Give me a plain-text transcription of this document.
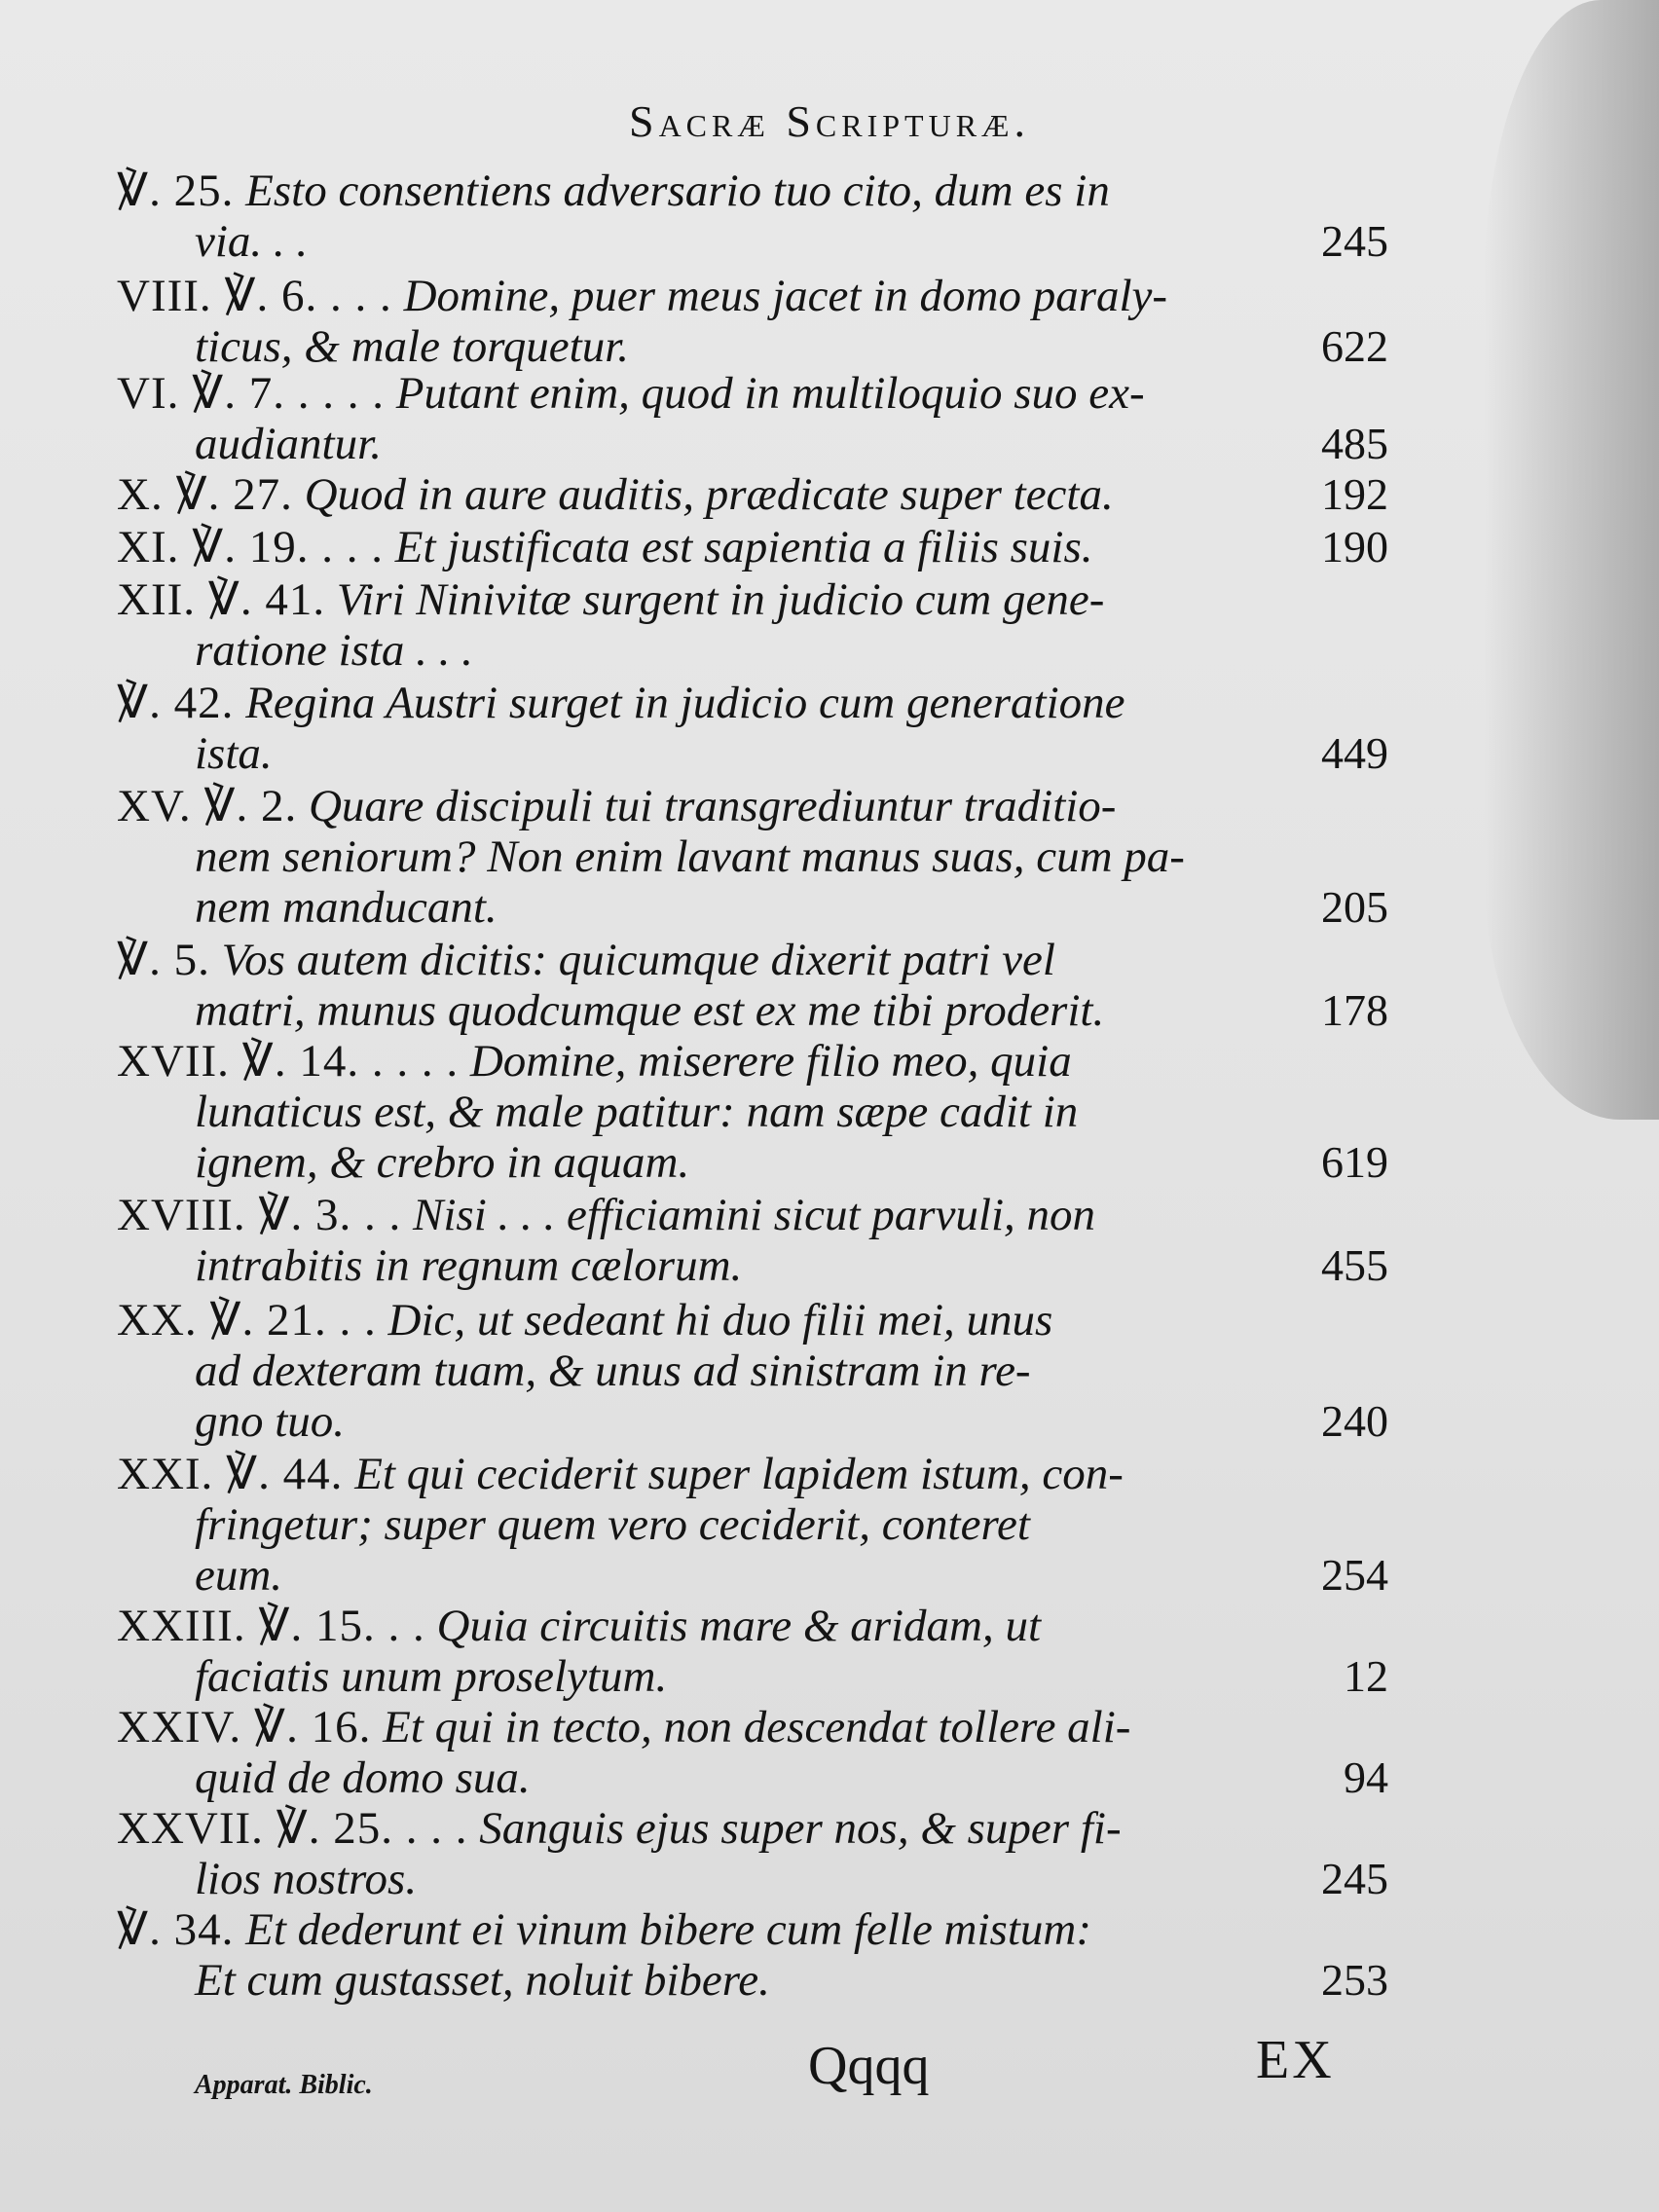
Sacræ Scripturæ.
℣. 25. Esto consentiens adversario tuo cito, dum es in
via. . .	245
VIII. ℣. 6. . . . Domine, puer meus jacet in domo paraly-
ticus, & male torquetur.	622
VI. ℣. 7. . . . . Putant enim, quod in multiloquio suo ex-
audiantur.	485
X. ℣. 27. Quod in aure auditis, prædicate super tecta.	192
XI. ℣. 19. . . . Et justificata est sapientia a filiis suis.	190
XII. ℣. 41. Viri Ninivitæ surgent in judicio cum gene-
ratione ista . . .
℣. 42. Regina Austri surget in judicio cum generatione
ista.	449
XV. ℣. 2. Quare discipuli tui transgrediuntur traditio-
nem seniorum? Non enim lavant manus suas, cum pa-
nem manducant.	205
℣. 5. Vos autem dicitis: quicumque dixerit patri vel
matri, munus quodcumque est ex me tibi proderit.	178
XVII. ℣. 14. . . . . Domine, miserere filio meo, quia
lunaticus est, & male patitur: nam sæpe cadit in
ignem, & crebro in aquam.	619
XVIII. ℣. 3. . . Nisi . . . efficiamini sicut parvuli, non
intrabitis in regnum cælorum.	455
XX. ℣. 21. . . Dic, ut sedeant hi duo filii mei, unus
ad dexteram tuam, & unus ad sinistram in re-
gno tuo.	240
XXI. ℣. 44. Et qui ceciderit super lapidem istum, con-
fringetur; super quem vero ceciderit, conteret
eum.	254
XXIII. ℣. 15. . . Quia circuitis mare & aridam, ut
faciatis unum proselytum.	12
XXIV. ℣. 16. Et qui in tecto, non descendat tollere ali-
quid de domo sua.	94
XXVII. ℣. 25. . . . Sanguis ejus super nos, & super fi-
lios nostros.	245
℣. 34. Et dederunt ei vinum bibere cum felle mistum:
Et cum gustasset, noluit bibere.	253
Apparat. Biblic.	Qqqq	EX
